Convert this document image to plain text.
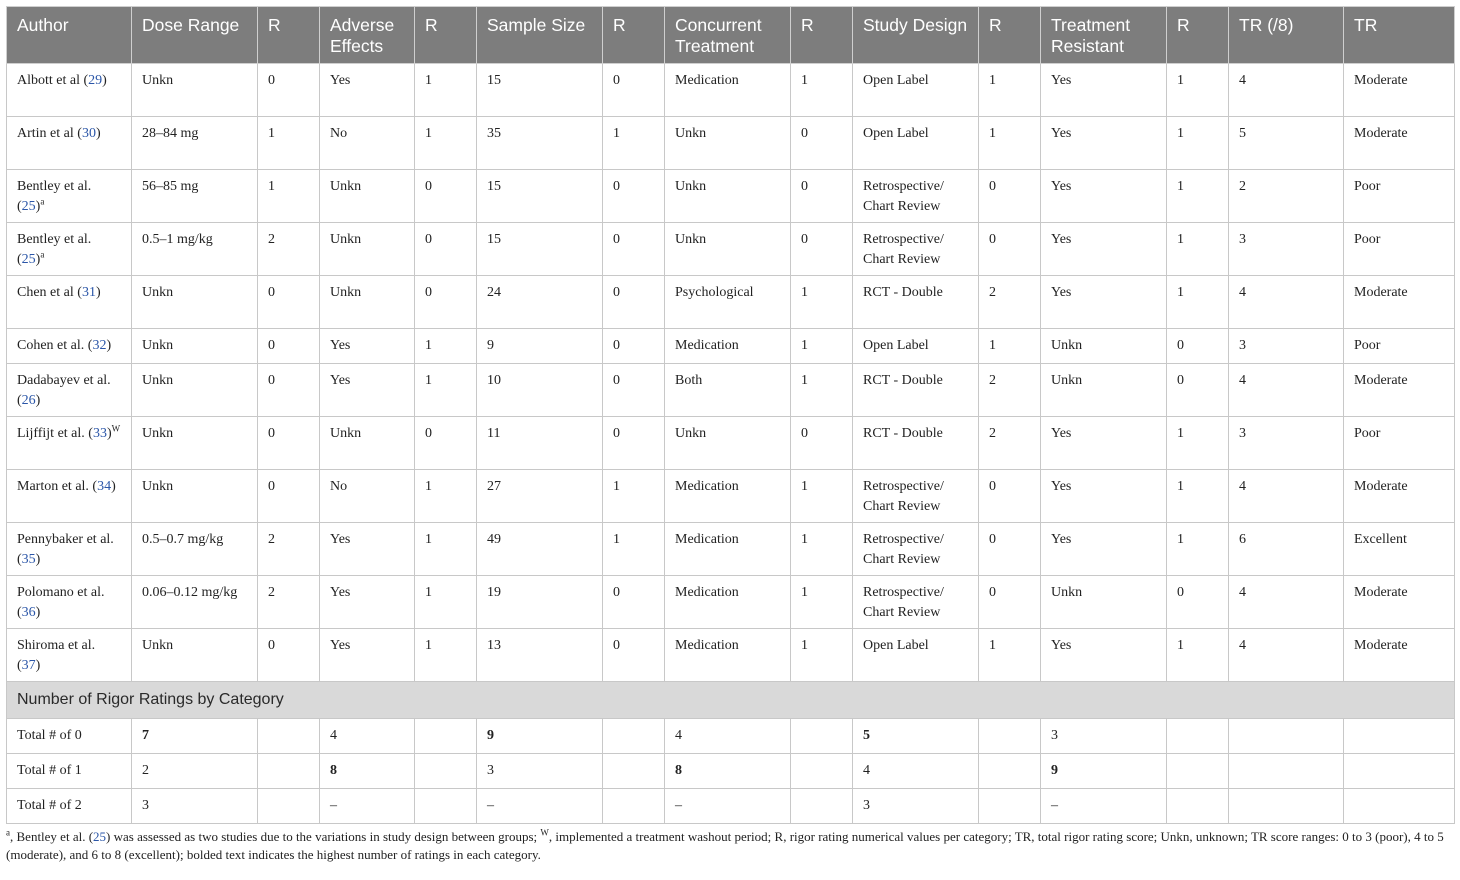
Author	Dose Range	R	Adverse Effects	R	Sample Size	R	Concurrent Treatment	R	Study Design	R	Treatment Resistant	R	TR (/8)	TR
Albott et al (29)	Unkn	0	Yes	1	15	0	Medication	1	Open Label	1	Yes	1	4	Moderate
Artin et al (30)	28–84 mg	1	No	1	35	1	Unkn	0	Open Label	1	Yes	1	5	Moderate
Bentley et al. $(25)^a$	56–85 mg	1	Unkn	0	15	0	Unkn	0	Retrospective/ Chart Review	0	Yes	1	2	Poor
Bentley et al. $(25)^a$	0.5–1 mg/kg	2	Unkn	0	15	0	Unkn	0	Retrospective/ Chart Review	0	Yes	1	3	Poor
Chen et al (31)	Unkn	0	Unkn	0	24	0	Psychological	1	RCT - Double	2	Yes	1	4	Moderate
Cohen et al. (32)	Unkn	0	Yes	1	9	0	Medication	1	Open Label	1	Unkn	0	3	Poor
Dadabayev et al. (26)	Unkn	0	Yes	1	10	0	Both	1	RCT - Double	2	Unkn	0	4	Moderate
Lijffijt et al. $(33)^W$	Unkn	0	Unkn	0	11	0	Unkn	0	RCT - Double	2	Yes	1	3	Poor
Marton et al. (34)	Unkn	0	No	1	27	1	Medication	1	Retrospective/ Chart Review	0	Yes	1	4	Moderate
Pennybaker et al. (35)	0.5–0.7 mg/kg	2	Yes	1	49	1	Medication	1	Retrospective/ Chart Review	0	Yes	1	6	Excellent
Polomano et al. (36)	0.06–0.12 mg/kg	2	Yes	1	19	0	Medication	1	Retrospective/ Chart Review	0	Unkn	0	4	Moderate
Shiroma et al. (37)	Unkn	0	Yes	1	13	0	Medication	1	Open Label	1	Yes	1	4	Moderate
Number of Rigor Ratings by Category														
Total # of 0	7		4		9		4		5		3			
Total # of 1	2		8		3		8		4		9			
Total # of 2	3		–		–		–		3		–			
$^a$, Bentley et al. (25) was assessed as two studies due to the variations in study design between groups; $^W$, implemented a treatment washout period; R, rigor rating numerical values per category; TR, total rigor rating score; Unkn, unknown; TR score ranges: 0 to 3 (poor), 4 to 5 (moderate), and 6 to 8 (excellent); bolded text indicates the highest number of ratings in each category.
